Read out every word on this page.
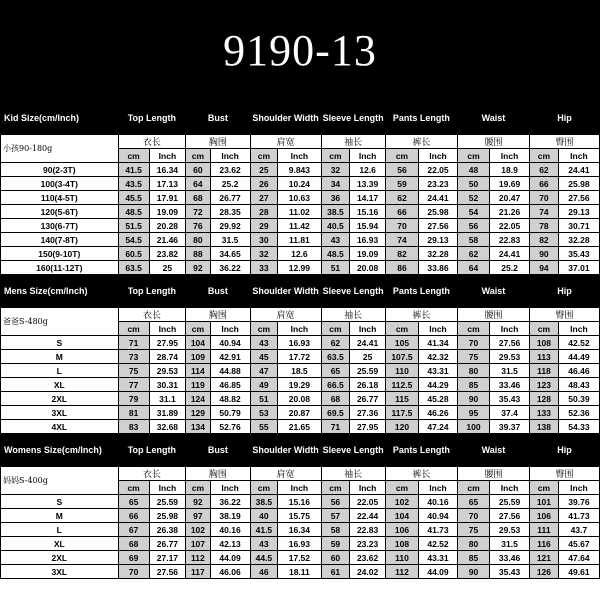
9190-13
Kid Size(cm/Inch)	Top Length		Bust		Shoulder Width		Sleeve Length		Pants Length		Waist		Hip	
小孩90-180g	衣长		胸围		肩宽		袖长		裤长		腰围		臀围	
	cm	Inch	cm	Inch	cm	Inch	cm	Inch	cm	Inch	cm	Inch	cm	Inch
90(2-3T)	41.5	16.34	60	23.62	25	9.843	32	12.6	56	22.05	48	18.9	62	24.41
100(3-4T)	43.5	17.13	64	25.2	26	10.24	34	13.39	59	23.23	50	19.69	66	25.98
110(4-5T)	45.5	17.91	68	26.77	27	10.63	36	14.17	62	24.41	52	20.47	70	27.56
120(5-6T)	48.5	19.09	72	28.35	28	11.02	38.5	15.16	66	25.98	54	21.26	74	29.13
130(6-7T)	51.5	20.28	76	29.92	29	11.42	40.5	15.94	70	27.56	56	22.05	78	30.71
140(7-8T)	54.5	21.46	80	31.5	30	11.81	43	16.93	74	29.13	58	22.83	82	32.28
150(9-10T)	60.5	23.82	88	34.65	32	12.6	48.5	19.09	82	32.28	62	24.41	90	35.43
160(11-12T)	63.5	25	92	36.22	33	12.99	51	20.08	86	33.86	64	25.2	94	37.01
Mens Size(cm/Inch)	Top Length		Bust		Shoulder Width		Sleeve Length		Pants Length		Waist		Hip	
爸爸S-480g	衣长		胸围		肩宽		袖长		裤长		腰围		臀围	
	cm	Inch	cm	Inch	cm	Inch	cm	Inch	cm	Inch	cm	Inch	cm	Inch
S	71	27.95	104	40.94	43	16.93	62	24.41	105	41.34	70	27.56	108	42.52
M	73	28.74	109	42.91	45	17.72	63.5	25	107.5	42.32	75	29.53	113	44.49
L	75	29.53	114	44.88	47	18.5	65	25.59	110	43.31	80	31.5	118	46.46
XL	77	30.31	119	46.85	49	19.29	66.5	26.18	112.5	44.29	85	33.46	123	48.43
2XL	79	31.1	124	48.82	51	20.08	68	26.77	115	45.28	90	35.43	128	50.39
3XL	81	31.89	129	50.79	53	20.87	69.5	27.36	117.5	46.26	95	37.4	133	52.36
4XL	83	32.68	134	52.76	55	21.65	71	27.95	120	47.24	100	39.37	138	54.33
Womens Size(cm/Inch)	Top Length		Bust		Shoulder Width		Sleeve Length		Pants Length		Waist		Hip	
妈妈S-400g	衣长		胸围		肩宽		袖长		裤长		腰围		臀围	
	cm	Inch	cm	Inch	cm	Inch	cm	Inch	cm	Inch	cm	Inch	cm	Inch
S	65	25.59	92	36.22	38.5	15.16	56	22.05	102	40.16	65	25.59	101	39.76
M	66	25.98	97	38.19	40	15.75	57	22.44	104	40.94	70	27.56	106	41.73
L	67	26.38	102	40.16	41.5	16.34	58	22.83	106	41.73	75	29.53	111	43.7
XL	68	26.77	107	42.13	43	16.93	59	23.23	108	42.52	80	31.5	116	45.67
2XL	69	27.17	112	44.09	44.5	17.52	60	23.62	110	43.31	85	33.46	121	47.64
3XL	70	27.56	117	46.06	46	18.11	61	24.02	112	44.09	90	35.43	126	49.61
